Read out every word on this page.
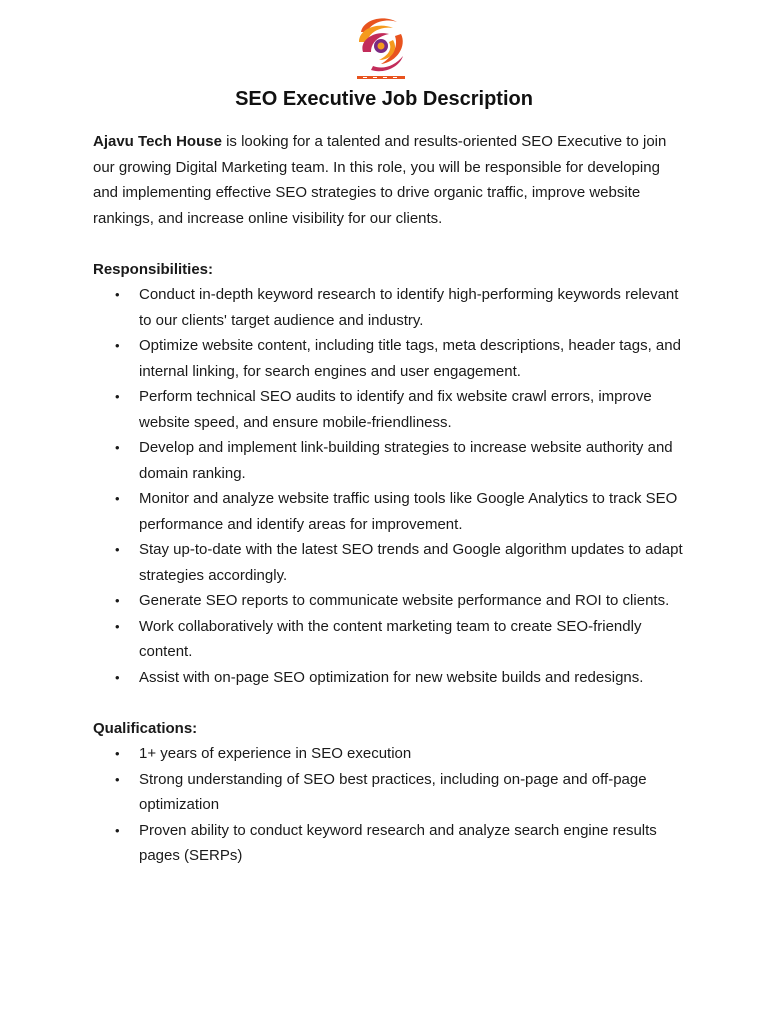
SEO Executive Job Description

Ajavu Tech House is looking for a talented and results-oriented SEO Executive to join our growing Digital Marketing team. In this role, you will be responsible for developing and implementing effective SEO strategies to drive organic traffic, improve website rankings, and increase online visibility for our clients.

Responsibilities:
• Conduct in-depth keyword research to identify high-performing keywords relevant to our clients' target audience and industry.
• Optimize website content, including title tags, meta descriptions, header tags, and internal linking, for search engines and user engagement.
• Perform technical SEO audits to identify and fix website crawl errors, improve website speed, and ensure mobile-friendliness.
• Develop and implement link-building strategies to increase website authority and domain ranking.
• Monitor and analyze website traffic using tools like Google Analytics to track SEO performance and identify areas for improvement.
• Stay up-to-date with the latest SEO trends and Google algorithm updates to adapt strategies accordingly.
• Generate SEO reports to communicate website performance and ROI to clients.
• Work collaboratively with the content marketing team to create SEO-friendly content.
• Assist with on-page SEO optimization for new website builds and redesigns.
Qualifications:
• 1+ years of experience in SEO execution
• Strong understanding of SEO best practices, including on-page and off-page optimization
• Proven ability to conduct keyword research and analyze search engine results pages (SERPs)
